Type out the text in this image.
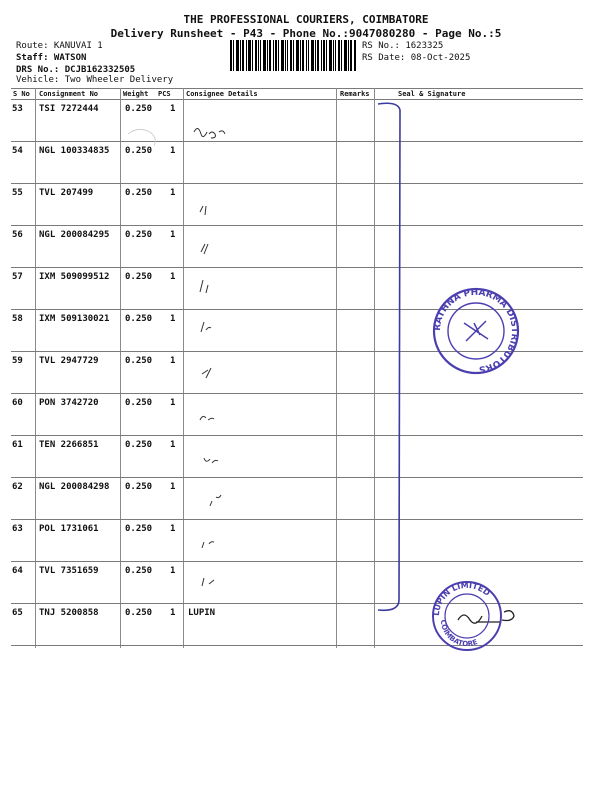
THE PROFESSIONAL COURIERS, COIMBATORE
Delivery Runsheet - P43 - Phone No.:9047080280 - Page No.:5
Route: KANUVAI 1
Staff: WATSON
DRS No.: DCJB162332505
Vehicle: Two Wheeler Delivery
RS No.: 1623325
RS Date: 08-Oct-2025
S No Consignment No	Weight PCS Consignee Details	Remarks	Seal & Signature
53 TSI 7272444	0.250 1
54 NGL 100334835 0.250 1
55 TVL 207499	0.250 1
56 NGL 200084295 0.250 1
57 IXM 509099512 0.250 1
58 IXM 509130021 0.250 1
59 TVL 2947729	0.250 1
60 PON 3742720	0.250 1
61 TEN 2266851	0.250 1
62 NGL 200084298 0.250 1
63 POL 1731061	0.250 1
64 TVL 7351659	0.250 1
65 TNJ 5200858	0.250 1 LUPIN
RATHNA PHARMA DISTRIBUTORS
LUPIN LIMITED
COIMBATORE
